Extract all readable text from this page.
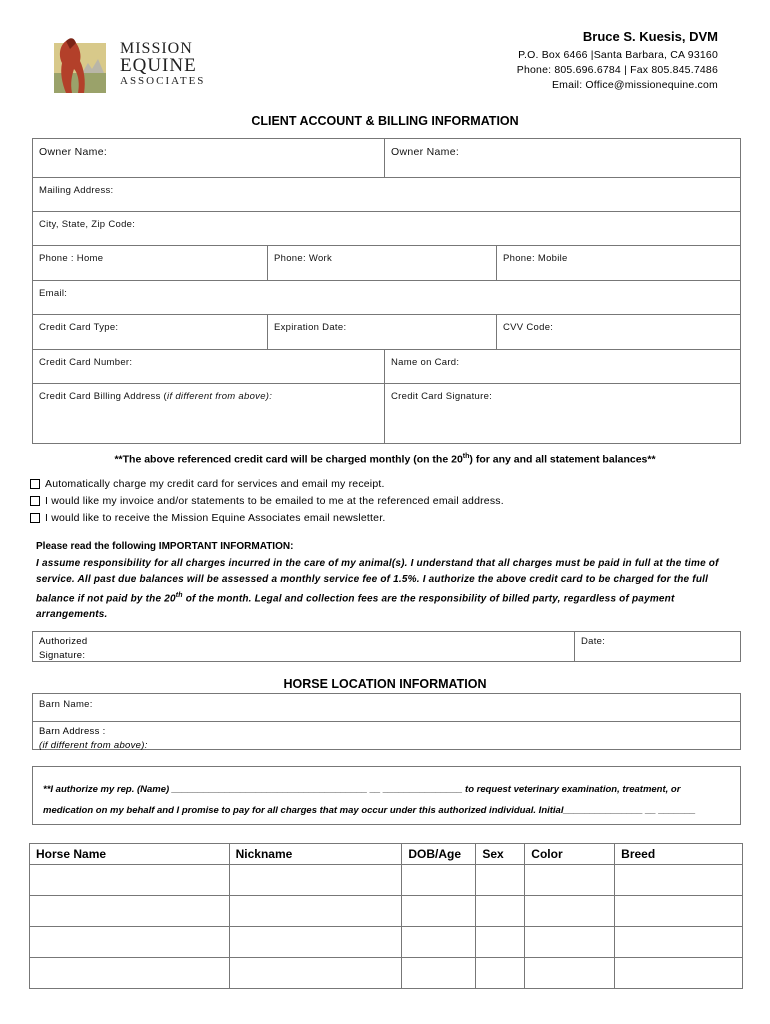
MISSION
EQUINE
ASSOCIATES
Bruce S. Kuesis, DVM
P.O. Box 6466 |Santa Barbara, CA 93160
Phone: 805.696.6784 | Fax 805.845.7486
Email: Office@missionequine.com
CLIENT ACCOUNT & BILLING INFORMATION
Owner Name:	Owner Name:
Mailing Address:
City, State, Zip Code:
Phone : Home	Phone: Work	Phone: Mobile
Email:
Credit Card Type:	Expiration Date:	CVV Code:
Credit Card Number:	Name on Card:
Credit Card Billing Address (if different from above):	Credit Card Signature:
**The above referenced credit card will be charged monthly (on the 20th) for any and all statement balances**
Automatically charge my credit card for services and email my receipt.
I would like my invoice and/or statements to be emailed to me at the referenced email address.
I would like to receive the Mission Equine Associates email newsletter.
Please read the following IMPORTANT INFORMATION:
I assume responsibility for all charges incurred in the care of my animal(s). I understand that all charges must be paid in full at the time of service. All past due balances will be assessed a monthly service fee of 1.5%. I authorize the above credit card to be charged for the full balance if not paid by the 20th of the month. Legal and collection fees are the responsibility of billed party, regardless of payment arrangements.
Authorized
Signature:
Date:
HORSE LOCATION INFORMATION
Barn Name:
Barn Address :
(if different from above):
**I authorize my rep. (Name) _____________________________________ __ _______________ to request veterinary examination, treatment, or
medication on my behalf and I promise to pay for all charges that may occur under this authorized individual. Initial_______________ __ _______
Horse Name	Nickname	DOB/Age	Sex	Color	Breed
